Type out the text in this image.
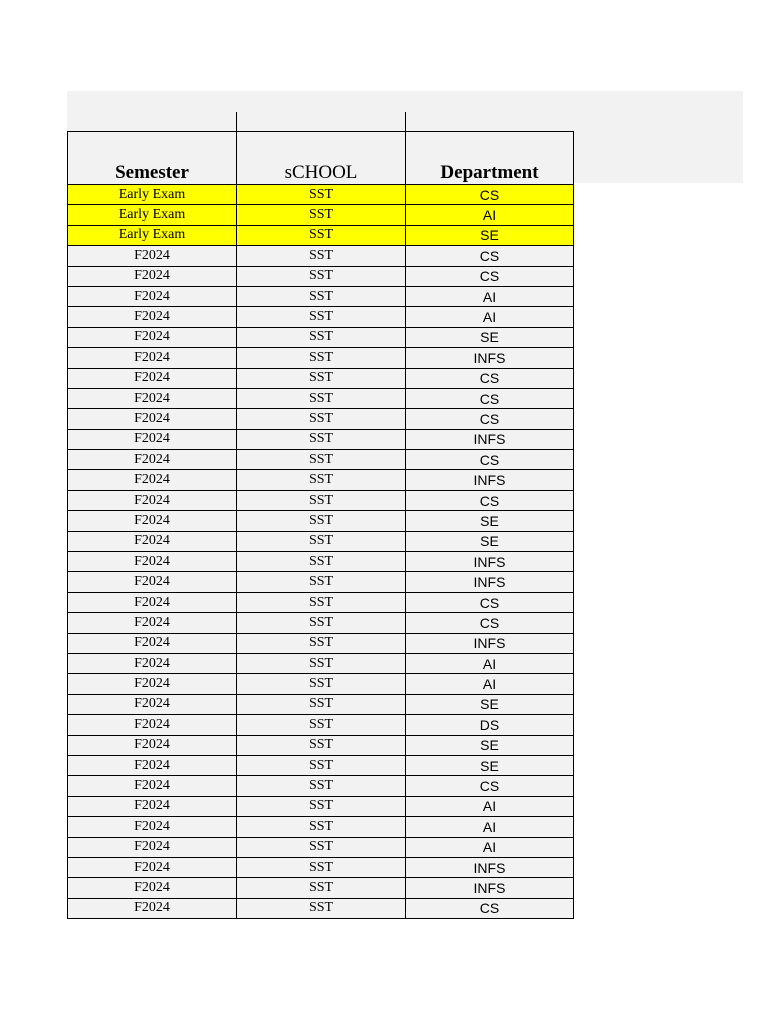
Semester	sCHOOL	Department
Early Exam	SST	CS
Early Exam	SST	AI
Early Exam	SST	SE
F2024	SST	CS
F2024	SST	CS
F2024	SST	AI
F2024	SST	AI
F2024	SST	SE
F2024	SST	INFS
F2024	SST	CS
F2024	SST	CS
F2024	SST	CS
F2024	SST	INFS
F2024	SST	CS
F2024	SST	INFS
F2024	SST	CS
F2024	SST	SE
F2024	SST	SE
F2024	SST	INFS
F2024	SST	INFS
F2024	SST	CS
F2024	SST	CS
F2024	SST	INFS
F2024	SST	AI
F2024	SST	AI
F2024	SST	SE
F2024	SST	DS
F2024	SST	SE
F2024	SST	SE
F2024	SST	CS
F2024	SST	AI
F2024	SST	AI
F2024	SST	AI
F2024	SST	INFS
F2024	SST	INFS
F2024	SST	CS
